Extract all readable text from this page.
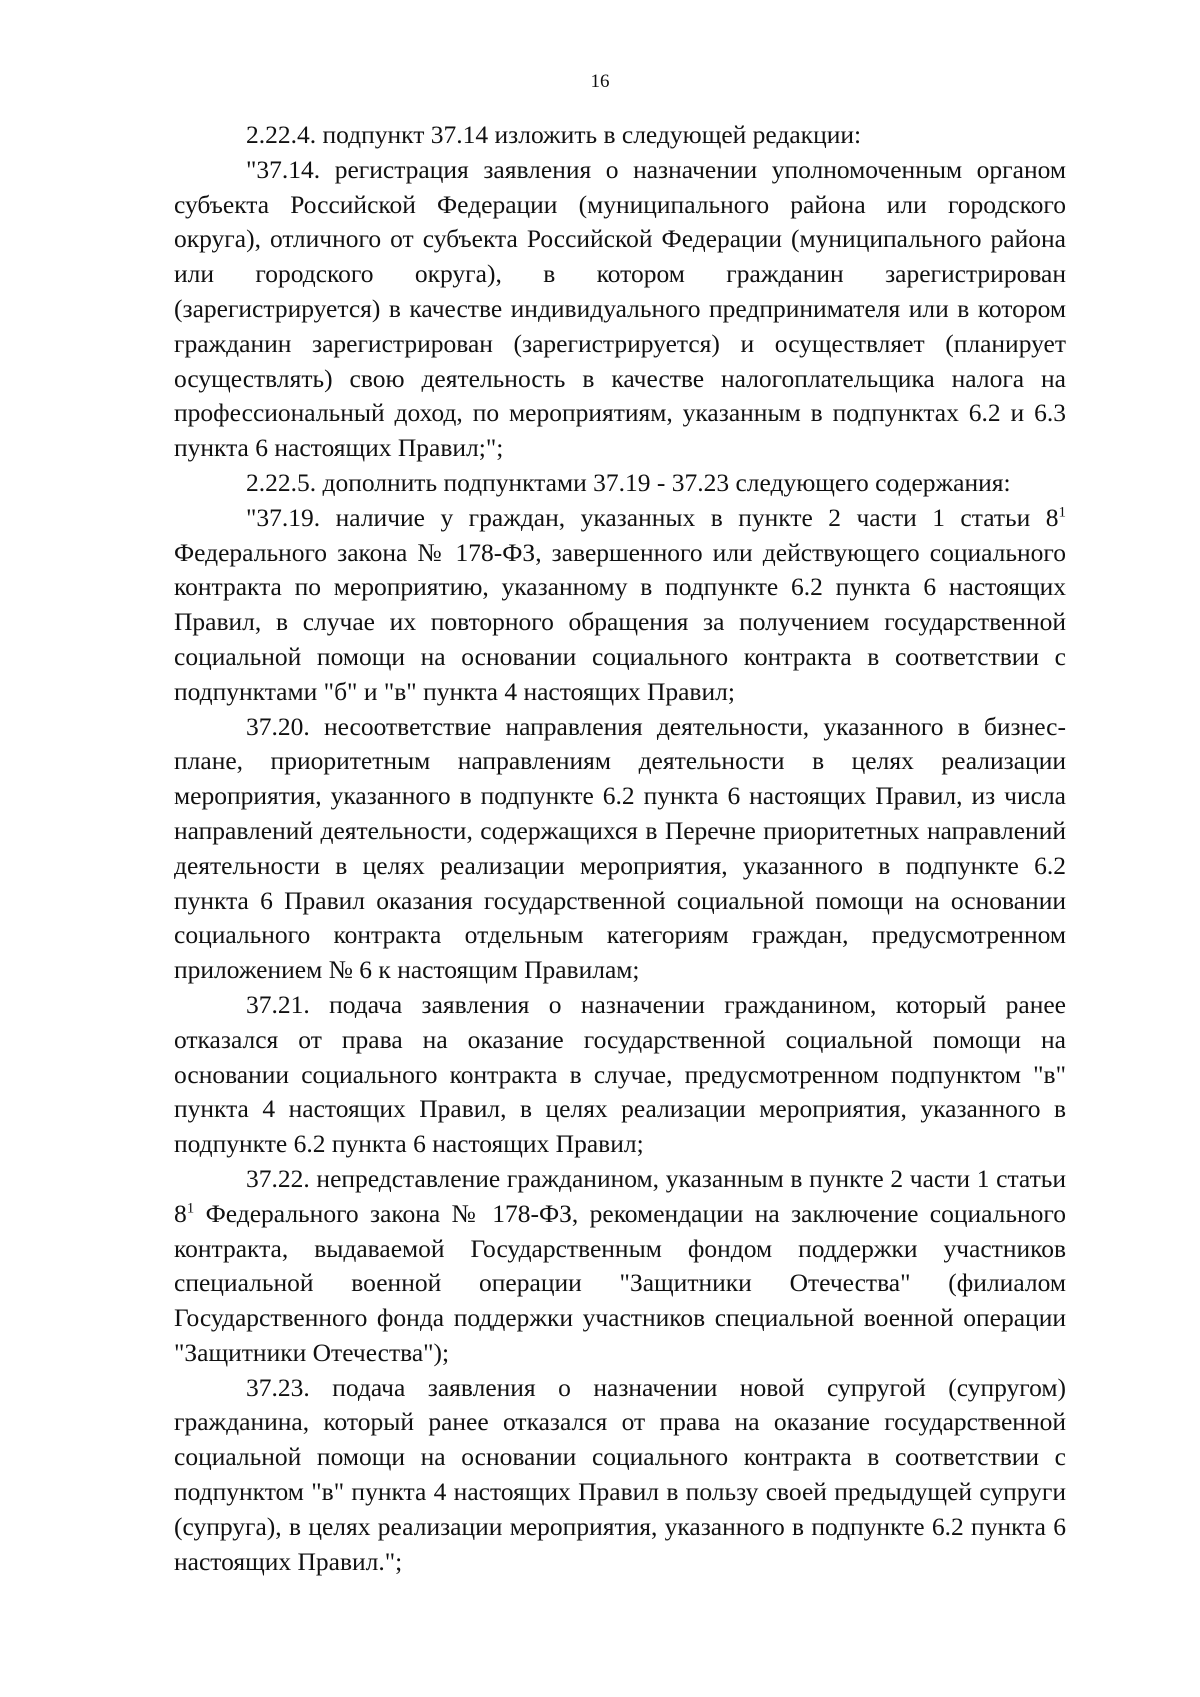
16

2.22.4. подпункт 37.14 изложить в следующей редакции:

"37.14. регистрация заявления о назначении уполномоченным органом субъекта Российской Федерации (муниципального района или городского округа), отличного от субъекта Российской Федерации (муниципального района или городского округа), в котором гражданин зарегистрирован (зарегистрируется) в качестве индивидуального предпринимателя или в котором гражданин зарегистрирован (зарегистрируется) и осуществляет (планирует осуществлять) свою деятельность в качестве налогоплательщика налога на профессиональный доход, по мероприятиям, указанным в подпунктах 6.2 и 6.3 пункта 6 настоящих Правил;";

2.22.5. дополнить подпунктами 37.19 - 37.23 следующего содержания:

"37.19. наличие у граждан, указанных в пункте 2 части 1 статьи $8^1$ Федерального закона № 178-ФЗ, завершенного или действующего социального контракта по мероприятию, указанному в подпункте 6.2 пункта 6 настоящих Правил, в случае их повторного обращения за получением государственной социальной помощи на основании социального контракта в соответствии с подпунктами "б" и "в" пункта 4 настоящих Правил;

37.20. несоответствие направления деятельности, указанного в бизнес-плане, приоритетным направлениям деятельности в целях реализации мероприятия, указанного в подпункте 6.2 пункта 6 настоящих Правил, из числа направлений деятельности, содержащихся в Перечне приоритетных направлений деятельности в целях реализации мероприятия, указанного в подпункте 6.2 пункта 6 Правил оказания государственной социальной помощи на основании социального контракта отдельным категориям граждан, предусмотренном приложением № 6 к настоящим Правилам;

37.21. подача заявления о назначении гражданином, который ранее отказался от права на оказание государственной социальной помощи на основании социального контракта в случае, предусмотренном подпунктом "в" пункта 4 настоящих Правил, в целях реализации мероприятия, указанного в подпункте 6.2 пункта 6 настоящих Правил;

37.22. непредставление гражданином, указанным в пункте 2 части 1 статьи $8^1$ Федерального закона № 178-ФЗ, рекомендации на заключение социального контракта, выдаваемой Государственным фондом поддержки участников специальной военной операции "Защитники Отечества" (филиалом Государственного фонда поддержки участников специальной военной операции "Защитники Отечества");

37.23. подача заявления о назначении новой супругой (супругом) гражданина, который ранее отказался от права на оказание государственной социальной помощи на основании социального контракта в соответствии с подпунктом "в" пункта 4 настоящих Правил в пользу своей предыдущей супруги (супруга), в целях реализации мероприятия, указанного в подпункте 6.2 пункта 6 настоящих Правил.";
